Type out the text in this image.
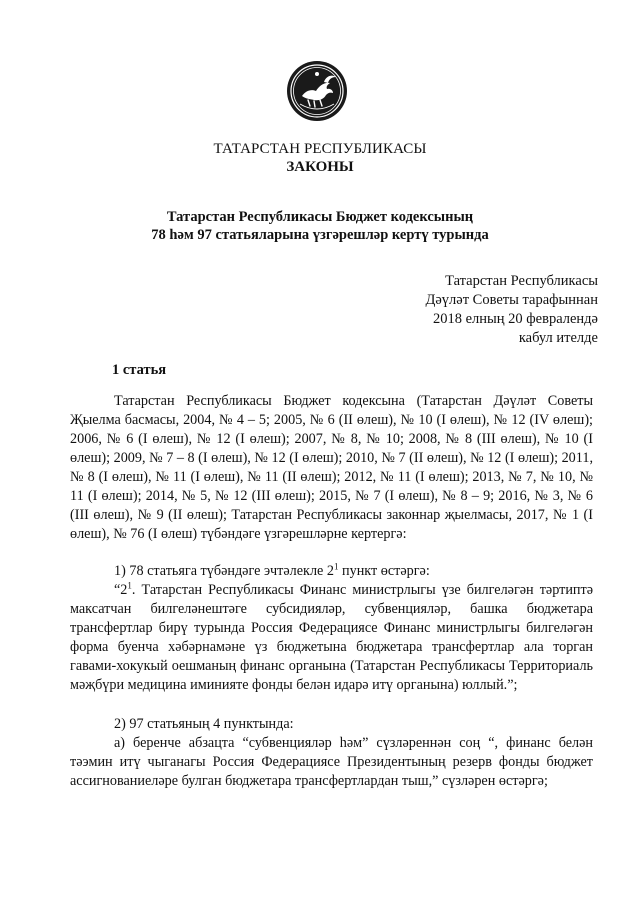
ТАТАРСТАН РЕСПУБЛИКАСЫ
ЗАКОНЫ
Татарстан Республикасы Бюджет кодексының
78 һәм 97 статьяларына үзгәрешләр кертү турында
Татарстан Республикасы
Дәүләт Советы тарафыннан
2018 елның 20 февралендә
кабул ителде
1 статья
Татарстан Республикасы Бюджет кодексына (Татарстан Дәүләт Советы Җыелма басмасы, 2004, № 4 – 5; 2005, № 6 (II өлеш), № 10 (I өлеш), № 12 (IV өлеш); 2006, № 6 (I өлеш), № 12 (I өлеш); 2007, № 8, № 10; 2008, № 8 (III өлеш), № 10 (I өлеш); 2009, № 7 – 8 (I өлеш), № 12 (I өлеш); 2010, № 7 (II өлеш), № 12 (I өлеш); 2011, № 8 (I өлеш), № 11 (I өлеш), № 11 (II өлеш); 2012, № 11 (I өлеш); 2013, № 7, № 10, № 11 (I өлеш); 2014, № 5, № 12 (III өлеш); 2015, № 7 (I өлеш), № 8 – 9; 2016, № 3, № 6 (III өлеш), № 9 (II өлеш); Татарстан Республикасы законнар җыелмасы, 2017, № 1 (I өлеш), № 76 (I өлеш) түбәндәге үзгәрешләрне кертергә:
1) 78 статьяга түбәндәге эчтәлекле $2^1$ пункт өстәргә:
“$2^1$. Татарстан Республикасы Финанс министрлыгы үзе билгеләгән тәртиптә максатчан билгеләнештәге субсидияләр, субвенцияләр, башка бюджетара трансфертлар бирү турында Россия Федерациясе Финанс министрлыгы билгеләгән форма буенча хәбәрнамәне үз бюджетына бюджетара трансфертлар ала торган гавами-хокукый оешманың финанс органына (Татарстан Республикасы Территориаль мәҗбүри медицина иминияте фонды белән идарә итү органына) юллый.”;
2) 97 статьяның 4 пунктында:
а) беренче абзацта “субвенцияләр һәм” сүзләреннән соң “, финанс белән тәэмин итү чыганагы Россия Федерациясе Президентының резерв фонды бюджет ассигнованиеләре булган бюджетара трансфертлардан тыш,” сүзләрен өстәргә;
